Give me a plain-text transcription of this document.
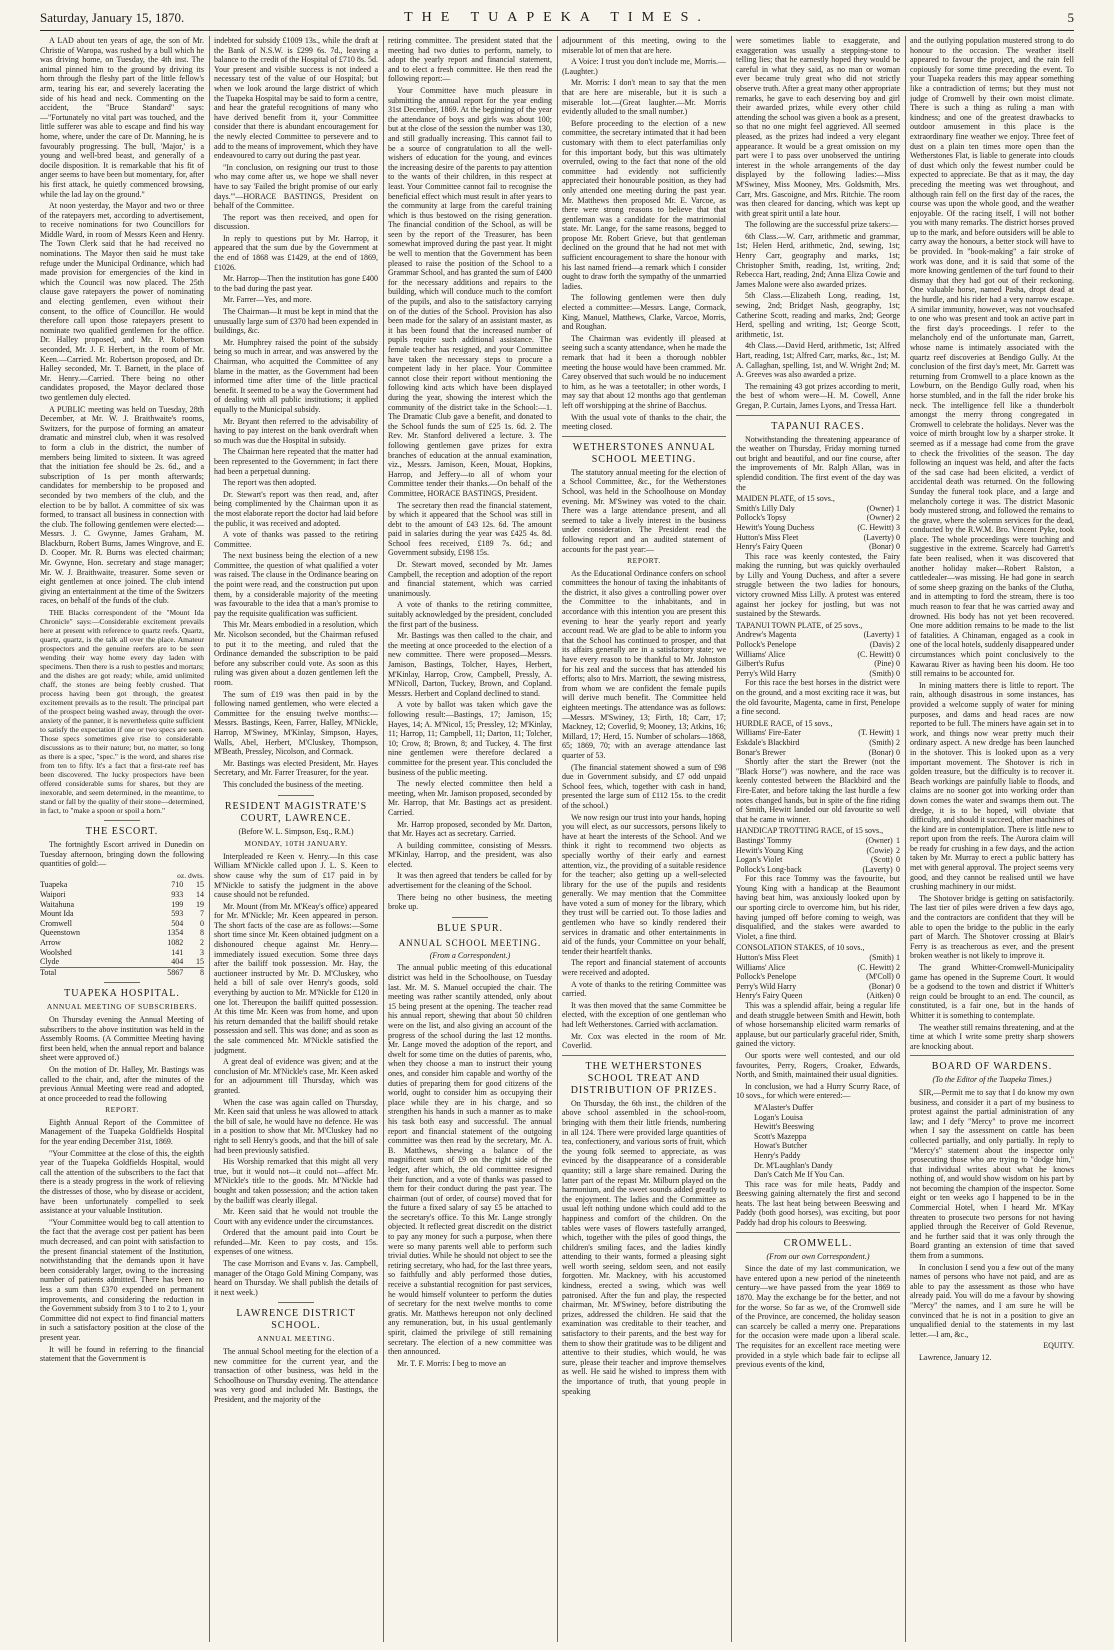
Saturday, January 15, 1870.	THE TUAPEKA TIMES.	5

A LAD about ten years of age, the son of Mr. Christie of Waropa, was rushed by a bull which he was driving home, on Tuesday, the 4th inst. The animal pinned him to the ground by driving its horn through the fleshy part of the little fellow's arm, tearing his ear, and severely lacerating the side of his head and neck. Commenting on the accident, the "Bruce Standard" says:—"Fortunately no vital part was touched, and the little sufferer was able to escape and find his way home, where, under the care of Dr. Manning, he is favourably progressing. The bull, 'Major,' is a young and well-bred beast, and generally of a docile disposition. It is remarkable that his fit of anger seems to have been but momentary, for, after his first attack, he quietly commenced browsing, while the lad lay on the ground."

At noon yesterday, the Mayor and two or three of the ratepayers met, according to advertisement, to receive nominations for two Councillors for Middle Ward, in room of Messrs Keen and Henry. The Town Clerk said that he had received no nominations. The Mayor then said he must take refuge under the Municipal Ordinance, which had made provision for emergencies of the kind in which the Council was now placed. The 25th clause gave ratepayers the power of nominating and electing gentlemen, even without their consent, to the office of Councillor. He would therefore call upon those ratepayers present to nominate two qualified gentlemen for the office. Dr. Halley proposed, and Mr. P. Robertson seconded, Mr. J. F. Herbert, in the room of Mr. Keen.—Carried. Mr. Robertson proposed, and Dr. Halley seconded, Mr. T. Barnett, in the place of Mr. Henry.—Carried. There being no other candidates proposed, the Mayor declared those two gentlemen duly elected.

A PUBLIC meeting was held on Tuesday, 28th December, at Mr. W. J. Braithwaite's rooms, Switzers, for the purpose of forming an amateur dramatic and minstrel club, when it was resolved to form a club in the district, the number of members being limited to sixteen. It was agreed that the initiation fee should be 2s. 6d., and a subscription of 1s per month afterwards; candidates for membership to be proposed and seconded by two members of the club, and the election to be by ballot. A committee of six was formed, to transact all business in connection with the club. The following gentlemen were elected:—Messrs. J. C. Gwynne, James Graham, M. Blackburn, Robert Burns, James Wingrove, and E. D. Cooper. Mr. R. Burns was elected chairman; Mr. Gwynne, Hon. secretary and stage manager; Mr. W. J. Braithwaite, treasurer. Some seven or eight gentlemen at once joined. The club intend giving an entertainment at the time of the Switzers races, on behalf of the funds of the club.

THE Blacks correspondent of the "Mount Ida Chronicle" says:—Considerable excitement prevails here at present with reference to quartz reefs. Quartz, quartz, quartz, is the talk all over the place. Amateur prospectors and the genuine reefers are to be seen wending their way home every day laden with specimens. Then there is a rush to pestles and mortars; and the dishes are got ready; while, amid unlimited chaff, the stones are being feebly crushed. That process having been got through, the greatest excitement prevails as to the result. The principal part of the prospect being washed away, through the over-anxiety of the panner, it is nevertheless quite sufficient to satisfy the expectation if one or two specs are seen. Those specs sometimes give rise to considerable discussions as to their nature; but, no matter, so long as there is a spec, "spec." is the word, and shares rise from ten to fifty. It's a fact that a first-rate reef has been discovered. The lucky prospectors have been offered considerable sums for shares, but they are inexorable, and seem determined, in the meantime, to stand or fall by the quality of their stone—determined, in fact, to "make a spoon or spoil a horn."

THE ESCORT.

The fortnightly Escort arrived in Dunedin on Tuesday afternoon, bringing down the following quantities of gold:—

oz. dwts.
Tuapeka	710	15
Waipori	933	14
Waitahuna	199	19
Mount Ida	593	7
Cromwell	504	0
Queenstown	1354	8
Arrow	1082	2
Woolshed	141	3
Clyde	404	15
Total	5867	8
TUAPEKA HOSPITAL.
ANNUAL MEETING OF SUBSCRIBERS.

On Thursday evening the Annual Meeting of subscribers to the above institution was held in the Assembly Rooms. (A Committee Meeting having first been held, when the annual report and balance sheet were approved of.)

On the motion of Dr. Halley, Mr. Bastings was called to the chair, and, after the minutes of the previous Annual Meeting were read and adopted, at once proceeded to read the following

REPORT.

Eighth Annual Report of the Committee of Management of the Tuapeka Goldfields Hospital for the year ending December 31st, 1869.

"Your Committee at the close of this, the eighth year of the Tuapeka Goldfields Hospital, would call the attention of the subscribers to the fact that there is a steady progress in the work of relieving the distresses of those, who by disease or accident, have been unfortunately compelled to seek assistance at your valuable Institution.

"Your Committee would beg to call attention to the fact that the average cost per patient has been much decreased, and can point with satisfaction to the present financial statement of the Institution, notwithstanding that the demands upon it have been considerably larger, owing to the increasing number of patients admitted. There has been no less a sum than £370 expended on permanent improvements, and considering the reduction in the Government subsidy from 3 to 1 to 2 to 1, your Committee did not expect to find financial matters in such a satisfactory position at the close of the present year.

It will be found in referring to the financial statement that the Government is

indebted for subsidy £1009 13s., while the draft at the Bank of N.S.W. is £299 6s. 7d., leaving a balance to the credit of the Hospital of £710 8s. 5d. Your present and visible success is not indeed a necessary test of the value of our Hospital; but when we look around the large district of which the Tuapeka Hospital may be said to form a centre, and hear the grateful recognitions of many who have derived benefit from it, your Committee consider that there is abundant encouragement for the newly elected Committee to persevere and to add to the means of improvement, which they have endeavoured to carry out during the past year.

"In conclusion, on resigning our trust to those who may come after us, we hope we shall never have to say 'Failed the bright promise of our early days.'"—HORACE BASTINGS, President on behalf of the Committee.

The report was then received, and open for discussion.

In reply to questions put by Mr. Harrop, it appeared that the sum due by the Government at the end of 1868 was £1429, at the end of 1869, £1026.

Mr. Harrop—Then the institution has gone £400 to the bad during the past year.

Mr. Farrer—Yes, and more.

The Chairman—It must be kept in mind that the unusually large sum of £370 had been expended in buildings, &c.

Mr. Humphrey raised the point of the subsidy being so much in arrear, and was answered by the Chairman, who acquitted the Committee of any blame in the matter, as the Government had been informed time after time of the little practical benefit. It seemed to be a way the Government had of dealing with all public institutions; it applied equally to the Municipal subsidy.

Mr. Bryant then referred to the advisability of having to pay interest on the bank overdraft when so much was due the Hospital in subsidy.

The Chairman here repeated that the matter had been represented to the Government; in fact there had been a perpetual dunning.

The report was then adopted.

Dr. Stewart's report was then read, and, after being complimented by the Chairman upon it as the most elaborate report the doctor had laid before the public, it was received and adopted.

A vote of thanks was passed to the retiring Committee.

The next business being the election of a new Committee, the question of what qualified a voter was raised. The clause in the Ordinance bearing on the point were read, and the construction put upon them, by a considerable majority of the meeting was favourable to the idea that a man's promise to pay the requisite qualification was sufficient.

This Mr. Mears embodied in a resolution, which Mr. Nicolson seconded, but the Chairman refused to put it to the meeting, and ruled that the Ordinance demanded the subscription to be paid before any subscriber could vote. As soon as this ruling was given about a dozen gentlemen left the room.

The sum of £19 was then paid in by the following named gentlemen, who were elected a Committee for the ensuing twelve months:—Messrs. Bastings, Keen, Farrer, Halley, M'Nickle, Harrop, M'Swiney, M'Kinlay, Simpson, Hayes, Walls, Abel, Herbert, M'Cluskey, Thompson, M'Beath, Pressley, Nicolson, and Cormack.

Mr. Bastings was elected President, Mr. Hayes Secretary, and Mr. Farrer Treasurer, for the year.

This concluded the business of the meeting.

RESIDENT MAGISTRATE'S COURT, LAWRENCE.
(Before W. L. Simpson, Esq., R.M.)
MONDAY, 10TH JANUARY.

Interpleaded re Keen v. Henry.—In this case William M'Nickle called upon J. L. S. Keen to show cause why the sum of £17 paid in by M'Nickle to satisfy the judgment in the above cause should not be refunded.

Mr. Mount (from Mr. M'Keay's office) appeared for Mr. M'Nickle; Mr. Keen appeared in person. The short facts of the case are as follows:—Some short time since Mr. Keen obtained judgment on a dishonoured cheque against Mr. Henry—immediately issued execution. Some three days after the bailiff took possession. Mr. Hay, the auctioneer instructed by Mr. D. M'Cluskey, who held a bill of sale over Henry's goods, sold everything by auction to Mr. M'Nickle for £120 in one lot. Thereupon the bailiff quitted possession. At this time Mr. Keen was from home, and upon his return demanded that the bailiff should retake possession and sell. This was done; and as soon as the sale commenced Mr. M'Nickle satisfied the judgment.

A great deal of evidence was given; and at the conclusion of Mr. M'Nickle's case, Mr. Keen asked for an adjournment till Thursday, which was granted.

When the case was again called on Thursday, Mr. Keen said that unless he was allowed to attack the bill of sale, he would have no defence. He was in a position to show that Mr. M'Cluskey had no right to sell Henry's goods, and that the bill of sale had been previously satisfied.

His Worship remarked that this might all very true, but it would not—it could not—affect Mr. M'Nickle's title to the goods. Mr. M'Nickle had bought and taken possession; and the action taken by the bailiff was clearly illegal.

Mr. Keen said that he would not trouble the Court with any evidence under the circumstances.

Ordered that the amount paid into Court be refunded—Mr. Keen to pay costs, and 15s. expenses of one witness.

The case Morrison and Evans v. Jas. Campbell, manager of the Otago Gold Mining Company, was heard on Thursday. We shall publish the details of it next week.)

LAWRENCE DISTRICT SCHOOL.
ANNUAL MEETING.

The annual School meeting for the election of a new committee for the current year, and the transaction of other business, was held in the Schoolhouse on Thursday evening. The attendance was very good and included Mr. Bastings, the President, and the majority of the

retiring committee. The president stated that the meeting had two duties to perform, namely, to adopt the yearly report and financial statement, and to elect a fresh committee. He then read the following report:—

Your Committee have much pleasure in submitting the annual report for the year ending 31st December, 1869. At the beginning of the year the attendance of boys and girls was about 100; but at the close of the session the number was 130, and still gradually increasing. This cannot fail to be a source of congratulation to all the well-wishers of education for the young, and evinces the increasing desire of the parents to pay attention to the wants of their children, in this respect at least. Your Committee cannot fail to recognise the beneficial effect which must result in after years to the community at large from the careful training which is thus bestowed on the rising generation. The financial condition of the School, as will be seen by the report of the Treasurer, has been somewhat improved during the past year. It might be well to mention that the Government has been pleased to raise the position of the School to a Grammar School, and has granted the sum of £400 for the necessary additions and repairs to the building, which will conduce much to the comfort of the pupils, and also to the satisfactory carrying on of the duties of the School. Provision has also been made for the salary of an assistant master, as it has been found that the increased number of pupils require such additional assistance. The female teacher has resigned, and your Committee have taken the necessary steps to procure a competent lady in her place. Your Committee cannot close their report without mentioning the following kind acts which have been displayed during the year, showing the interest which the community of the district take in the School:—1. The Dramatic Club gave a benefit, and donated to the School funds the sum of £25 1s. 6d. 2. The Rev. Mr. Stanford delivered a lecture. 3. The following gentlemen gave prizes for extra branches of education at the annual examination, viz., Messrs. Jamison, Keen, Mouat, Hopkins, Harrop, and Jeffery—to all of whom your Committee tender their thanks.—On behalf of the Committee, HORACE BASTINGS, President.

The secretary then read the financial statement, by which it appeared that the School was still in debt to the amount of £43 12s. 6d. The amount paid in salaries during the year was £425 4s. 8d. School fees received, £189 7s. 6d.; and Government subsidy, £198 15s.

Dr. Stewart moved, seconded by Mr. James Campbell, the reception and adoption of the report and financial statement, which was carried unanimously.

A vote of thanks to the retiring committee, suitably acknowledged by the president, concluded the first part of the business.

Mr. Bastings was then called to the chair, and the meeting at once proceeded to the election of a new committee. There were proposed—Messrs. Jamison, Bastings, Tolcher, Hayes, Herbert, M'Kinlay, Harrop, Crow, Campbell, Pressly, A. M'Nicoll, Darton, Tuckey, Brown, and Copland. Messrs. Herbert and Copland declined to stand.

A vote by ballot was taken which gave the following result:—Bastings, 17; Jamison, 15; Hayes, 14; A. M'Nicol, 15; Pressley, 12; M'Kinlay, 11; Harrop, 11; Campbell, 11; Darton, 11; Tolcher, 10; Crow, 8; Brown, 8; and Tuckey, 4. The first nine gentlemen were therefore declared a committee for the present year. This concluded the business of the public meeting.

The newly elected committee then held a meeting, when Mr. Jamison proposed, seconded by Mr. Harrop, that Mr. Bastings act as president. Carried.

Mr. Harrop proposed, seconded by Mr. Darton, that Mr. Hayes act as secretary. Carried.

A building committee, consisting of Messrs. M'Kinlay, Harrop, and the president, was also elected.

It was then agreed that tenders be called for by advertisement for the cleaning of the School.

There being no other business, the meeting broke up.

BLUE SPUR.
ANNUAL SCHOOL MEETING.
(From a Correspondent.)

The annual public meeting of this educational district was held in the Schoolhouse, on Tuesday last. Mr. M. S. Manuel occupied the chair. The meeting was rather scantily attended, only about 15 being present at the opening. The teacher read his annual report, shewing that about 50 children were on the list, and also giving an account of the progress of the school during the last 12 months. Mr. Lange moved the adoption of the report, and dwelt for some time on the duties of parents, who, when they choose a man to instruct their young ones, and consider him capable and worthy of the duties of preparing them for good citizens of the world, ought to consider him as occupying their place while they are in his charge, and so strengthen his hands in such a manner as to make his task both easy and successful. The annual report and financial statement of the outgoing committee was then read by the secretary, Mr. A. B. Matthews, shewing a balance of the magnificent sum of £9 on the right side of the ledger, after which, the old committee resigned their function, and a vote of thanks was passed to them for their conduct during the past year. The chairman (out of order, of course) moved that for the future a fixed salary of say £5 be attached to the secretary's office. To this Mr. Lange strongly objected. It reflected great discredit on the district to pay any money for such a purpose, when there were so many parents well able to perform such trivial duties. While he should not object to see the retiring secretary, who had, for the last three years, so faithfully and ably performed those duties, receive a substantial recognition for past services, he would himself volunteer to perform the duties of secretary for the next twelve months to come gratis. Mr. Matthews hereupon not only declined any remuneration, but, in his usual gentlemanly spirit, claimed the privilege of still remaining secretary. The election of a new committee was then announced.

Mr. T. F. Morris: I beg to move an

adjournment of this meeting, owing to the miserable lot of men that are here.

A Voice: I trust you don't include me, Morris.—(Laughter.)

Mr. Morris: I don't mean to say that the men that are here are miserable, but it is such a miserable lot.—(Great laughter.—Mr. Morris evidently alluded to the small number.)

Before proceeding to the election of a new committee, the secretary intimated that it had been customary with them to elect paterfamilias only for this important body, but this was ultimately overruled, owing to the fact that none of the old committee had evidently not sufficiently appreciated their honourable position, as they had only attended one meeting during the past year. Mr. Matthews then proposed Mr. E. Varcoe, as there were strong reasons to believe that that gentleman was a candidate for the matrimonial state. Mr. Lange, for the same reasons, begged to propose Mr. Robert Grieve, but that gentleman declined on the ground that he had not met with sufficient encouragement to share the honour with his last named friend—a remark which I consider ought to draw forth the sympathy of the unmarried ladies.

The following gentlemen were then duly elected a committee:—Messrs. Lange, Cormack, King, Manuel, Matthews, Clarke, Varcoe, Morris, and Roughan.

The Chairman was evidently ill pleased at seeing such a scanty attendance, when he made the remark that had it been a thorough nobbler meeting the house would have been crammed. Mr. Carey observed that such would be no inducement to him, as he was a teetotaller; in other words, I may say that about 12 months ago that gentleman left off worshipping at the shrine of Bacchus.

With the usual vote of thanks to the chair, the meeting closed.

WETHERSTONES ANNUAL SCHOOL MEETING.

The statutory annual meeting for the election of a School Committee, &c., for the Wetherstones School, was held in the Schoolhouse on Monday evening. Mr. M'Swiney was voted to the chair. There was a large attendance present, and all seemed to take a lively interest in the business under consideration. The President read the following report and an audited statement of accounts for the past year:—

REPORT.

As the Educational Ordinance confers on school committees the honour of taxing the inhabitants of the district, it also gives a controlling power over the Committee to the inhabitants, and in accordance with this intention you are present this evening to hear the yearly report and yearly account read. We are glad to be able to inform you that the School has continued to prosper, and that its affairs generally are in a satisfactory state; we have every reason to be thankful to Mr. Johnston for his zeal and the success that has attended his efforts; also to Mrs. Marriott, the sewing mistress, from whom we are confident the female pupils will derive much benefit. The Committee held eighteen meetings. The attendance was as follows:—Messrs. M'Swiney, 13; Firth, 18; Carr, 17; Mackney, 12; Coverlid, 9; Mooney, 13; Atkins, 16; Millard, 17; Herd, 15. Number of scholars—1868, 65; 1869, 70; with an average attendance last quarter of 53.

(The financial statement showed a sum of £98 due in Government subsidy, and £7 odd unpaid School fees, which, together with cash in hand, presented the large sum of £112 15s. to the credit of the school.)

We now resign our trust into your hands, hoping you will elect, as our successors, persons likely to have at heart the interests of the School. And we think it right to recommend two objects as specially worthy of their early and earnest attention, viz., the providing of a suitable residence for the teacher; also getting up a well-selected library for the use of the pupils and residents generally. We may mention that the Committee have voted a sum of money for the library, which they trust will be carried out. To those ladies and gentlemen who have so kindly rendered their services in dramatic and other entertainments in aid of the funds, your Committee on your behalf, tender their heartfelt thanks.

The report and financial statement of accounts were received and adopted.

A vote of thanks to the retiring Committee was carried.

It was then moved that the same Committee be elected, with the exception of one gentleman who had left Wetherstones. Carried with acclamation.

Mr. Cox was elected in the room of Mr. Coverlid.

THE WETHERSTONES SCHOOL TREAT AND DISTRIBUTION OF PRIZES.

On Thursday, the 6th inst., the children of the above school assembled in the school-room, bringing with them their little friends, numbering in all 124. There were provided large quantities of tea, confectionery, and various sorts of fruit, which the young folk seemed to appreciate, as was evinced by the disappearance of a considerable quantity; still a large share remained. During the latter part of the repast Mr. Milburn played on the harmonium, and the sweet sounds added greatly to the enjoyment. The ladies and the Committee as usual left nothing undone which could add to the happiness and comfort of the children. On the tables were vases of flowers tastefully arranged, which, together with the piles of good things, the children's smiling faces, and the ladies kindly attending to their wants, formed a pleasing sight well worth seeing, seldom seen, and not easily forgotten. Mr. Mackney, with his accustomed kindness, erected a swing, which was well patronised. After the fun and play, the respected chairman, Mr. M'Swiney, before distributing the prizes, addressed the children. He said that the examination was creditable to their teacher, and satisfactory to their parents, and the best way for them to show their gratitude was to be diligent and attentive to their studies, which would, he was sure, please their teacher and improve themselves as well. He said he wished to impress them with the importance of truth, that young people in speaking

were sometimes liable to exaggerate, and exaggeration was usually a stepping-stone to telling lies; that he earnestly hoped they would be careful in what they said, as no man or woman ever became truly great who did not strictly observe truth. After a great many other appropriate remarks, he gave to each deserving boy and girl their awarded prizes, while every other child attending the school was given a book as a present, so that no one might feel aggrieved. All seemed pleased, as the prizes had indeed a very elegant appearance. It would be a great omission on my part were I to pass over unobserved the untiring interest in the whole arrangements of the day displayed by the following ladies:—Miss M'Swiney, Miss Mooney, Mrs. Goldsmith, Mrs. Carr, Mrs. Gascoigne, and Mrs. Ritchie. The room was then cleared for dancing, which was kept up with great spirit until a late hour.

The following are the successful prize takers:—

6th Class.—W. Carr, arithmetic and grammar, 1st; Helen Herd, arithmetic, 2nd, sewing, 1st; Henry Carr, geography and marks, 1st; Christopher Smith, reading, 1st, writing, 2nd; Rebecca Hart, reading, 2nd; Anna Eliza Cowie and James Malone were also awarded prizes.

5th Class.—Elizabeth Long, reading, 1st, sewing, 2nd; Bridget Nash, geography, 1st; Catherine Scott, reading and marks, 2nd; George Herd, spelling and writing, 1st; George Scott, arithmetic, 1st.

4th Class.—David Herd, arithmetic, 1st; Alfred Hart, reading, 1st; Alfred Carr, marks, &c., 1st; M. A. Callaghan, spelling, 1st, and W. Wright 2nd; M. A. Greeves was also awarded a prize.

The remaining 43 got prizes according to merit, the best of whom were—H. M. Cowell, Anne Gregan, P. Curtain, James Lyons, and Tressa Hart.

TAPANUI RACES.

Notwithstanding the threatening appearance of the weather on Thursday, Friday morning turned out bright and beautiful, and our fine course, after the improvements of Mr. Ralph Allan, was in splendid condition. The first event of the day was the

MAIDEN PLATE, of 15 sovs.,
Smith's Lilly Daly	(Owner)	1
Pollock's Topsy	(Owner)	2
Hewitt's Young Duchess	(C. Hewitt)	3
Hutton's Miss Fleet	(Laverty)	0
Henry's Fairy Queen	(Bonar)	0

This race was keenly contested, the Fairy making the running, but was quickly overhauled by Lilly and Young Duchess, and after a severe struggle between the two ladies for honours, victory crowned Miss Lilly. A protest was entered against her jockey for jostling, but was not sustained by the Stewards.

TAPANUI TOWN PLATE, of 25 sovs.,
Andrew's Magenta	(Laverty)	1
Pollock's Penelope	(Davis)	2
Williams' Alice	(C. Hewitt)	0
Gilbert's Rufus	(Pine)	0
Perry's Wild Harry	(Smith)	0

For this race the best horses in the district were on the ground, and a most exciting race it was, but the old favourite, Magenta, came in first, Penelope a fine second.

HURDLE RACE, of 15 sovs.,
Williams' Fire-Eater	(T. Hewitt)	1
Eskdale's Blackbird	(Smith)	2
Bonar's Brewer	(Bonar)	0

Shortly after the start the Brewer (not the "Black Horse") was nowhere, and the race was keenly contested between the Blackbird and the Fire-Eater, and before taking the last hurdle a few notes changed hands, but in spite of the fine riding of Smith, Hewitt landed our old favourite so well that he came in winner.

HANDICAP TROTTING RACE, of 15 sovs.,
Bastings' Tommy	(Owner)	1
Hewitt's Young King	(Cowie)	2
Logan's Violet	(Scott)	0
Pollock's Long-back	(Laverty)	0

For this race Tommy was the favourite, but Young King with a handicap at the Beaumont having beat him, was anxiously looked upon by our sporting circle to overcome him, but his rider, having jumped off before coming to weigh, was disqualified, and the stakes were awarded to Violet, a fine third.

CONSOLATION STAKES, of 10 sovs.,
Hutton's Miss Fleet	(Smith)	1
Williams' Alice	(C. Hewitt)	2
Pollock's Penelope	(M'Coll)	0
Perry's Wild Harry	(Bonar)	0
Henry's Fairy Queen	(Aitken)	0

This was a splendid affair, being a regular life and death struggle between Smith and Hewitt, both of whose horsemanship elicited warm remarks of applause, but our particularly graceful rider, Smith, gained the victory.

Our sports were well contested, and our old favourites, Perry, Rogers, Croaker, Edwards, North, and Smith, maintained their usual dignities.

In conclusion, we had a Hurry Scurry Race, of 10 sovs., for which were entered:—

M'Alaster's Duffer
Logan's Louisa
Hewitt's Beeswing
Scott's Mazeppa
Howat's Butcher
Henry's Paddy
Dr. M'Laughlan's Dandy
Dan's Catch Me If You Can.

This race was for mile heats, Paddy and Beeswing gaining alternately the first and second heats. The last heat being between Beeswing and Paddy (both good horses), was exciting, but poor Paddy had drop his colours to Beeswing.

CROMWELL.
(From our own Correspondent.)

Since the date of my last communication, we have entered upon a new period of the nineteenth century—we have passed from the year 1869 to 1870. May the exchange be for the better, and not for the worse. So far as we, of the Cromwell side of the Province, are concerned, the holiday season can scarcely be called a merry one. Preparations for the occasion were made upon a liberal scale. The requisites for an excellent race meeting were provided in a style which bade fair to eclipse all previous events of the kind,

and the outlying population mustered strong to do honour to the occasion. The weather itself appeared to favour the project, and the rain fell copiously for some time preceding the event. To your Tuapeka readers this may appear something like a contradiction of terms; but they must not judge of Cromwell by their own moist climate. There is such a thing as ruling a man with kindness; and one of the greatest drawbacks to outdoor amusement in this place is the extraordinary fine weather we enjoy. Three feet of dust on a plain ten times more open than the Wetherstones Flat, is liable to generate into clouds of dust which only the fewest number could be expected to appreciate. Be that as it may, the day preceding the meeting was wet throughout, and although rain fell on the first day of the races, the course was upon the whole good, and the weather enjoyable. Of the racing itself, I will not bother you with many remarks. The district horses proved up to the mark, and before outsiders will be able to carry away the honours, a better stock will have to be provided. In "book-making" a fair stroke of work was done, and it is said that some of the more knowing gentlemen of the turf found to their dismay that they had got out of their reckoning. One valuable horse, named Pasha, dropt dead at the hurdle, and his rider had a very narrow escape. A similar immunity, however, was not vouchsafed to one who was present and took an active part in the first day's proceedings. I refer to the melancholy end of the unfortunate man, Garrett, whose name is intimately associated with the quartz reef discoveries at Bendigo Gully. At the conclusion of the first day's meet, Mr. Garrett was returning from Cromwell to a place known as the Lowburn, on the Bendigo Gully road, when his horse stumbled, and in the fall the rider broke his neck. The intelligence fell like a thunderbolt amongst the merry throng congregated in Cromwell to celebrate the holidays. Never was the voice of mirth brought low by a sharper stroke. It seemed as if a message had come from the grave to check the frivolities of the season. The day following an inquest was held, and after the facts of the sad case had been elicited, a verdict of accidental death was returned. On the following Sunday the funeral took place, and a large and melancholy cortege it was. The district Masonic body mustered strong, and followed the remains to the grave, where the solemn services for the dead, conducted by the R.W.M. Bro. Vincent Pyke, took place. The whole proceedings were touching and suggestive in the extreme. Scarcely had Garrett's fate been realised, when it was discovered that another holiday maker—Robert Ralston, a cattledealer—was missing. He had gone in search of some sheep grazing on the banks of the Clutha, and in attempting to ford the stream, there is too much reason to fear that he was carried away and drowned. His body has not yet been recovered. One more addition remains to be made to the list of fatalities. A Chinaman, engaged as a cook in one of the local hotels, suddenly disappeared under circumstances which point conclusively to the Kawarau River as having been his doom. He too still remains to be accounted for.

In mining matters there is little to report. The rain, although disastrous in some instances, has provided a welcome supply of water for mining purposes, and dams and head races are now reported to be full. The miners have again set in to work, and things now wear pretty much their ordinary aspect. A new dredge has been launched in the shotover. This is looked upon as a very important movement. The Shotover is rich in golden treasure, but the difficulty is to recover it. Beach workings are painfully liable to floods, and claims are no sooner got into working order than down comes the water and swamps them out. The dredge, it is to be hoped, will obviate that difficulty, and should it succeed, other machines of the kind are in contemplation. There is little new to report upon from the reefs. The Aurora claim will be ready for crushing in a few days, and the action taken by Mr. Murray to erect a public battery has met with general approval. The project seems very good, and they cannot be realised until we have crushing machinery in our midst.

The Shotover bridge is getting on satisfactorily. The last tier of piles were driven a few days ago, and the contractors are confident that they will be able to open the bridge to the public in the early part of March. The Shotover crossing at Blair's Ferry is as treacherous as ever, and the present broken weather is not likely to improve it.

The grand Whitter-Cromwell-Municipality game has opened in the Supreme Court. It would be a godsend to the town and district if Whitter's reign could be brought to an end. The council, as constituted, is a fair one, but in the hands of Whitter it is something to contemplate.

The weather still remains threatening, and at the time at which I write some pretty sharp showers are knocking about.

BOARD OF WARDENS.
(To the Editor of the Tuapeka Times.)

SIR,—Permit me to say that I do know my own business, and consider it a part of my business to protest against the partial administration of any law; and I defy "Mercy" to prove me incorrect when I say the assessment on cattle has been collected partially, and only partially. In reply to "Mercy's" statement about the inspector only prosecuting those who are trying to "dodge him," that individual writes about what he knows nothing of, and would show wisdom on his part by not becoming the champion of the inspector. Some eight or ten weeks ago I happened to be in the Commercial Hotel, when I heard Mr. M'Kay threaten to prosecute two persons for not having applied through the Receiver of Gold Revenue, and he further said that it was only through the Board granting an extension of time that saved them from a summons.

In conclusion I send you a few out of the many names of persons who have not paid, and are as able to pay the assessment as those who have already paid. You will do me a favour by showing "Mercy" the names, and I am sure he will be convinced that he is not in a position to give an unqualified denial to the statements in my last letter.—I am, &c.,

EQUITY.

Lawrence, January 12.
